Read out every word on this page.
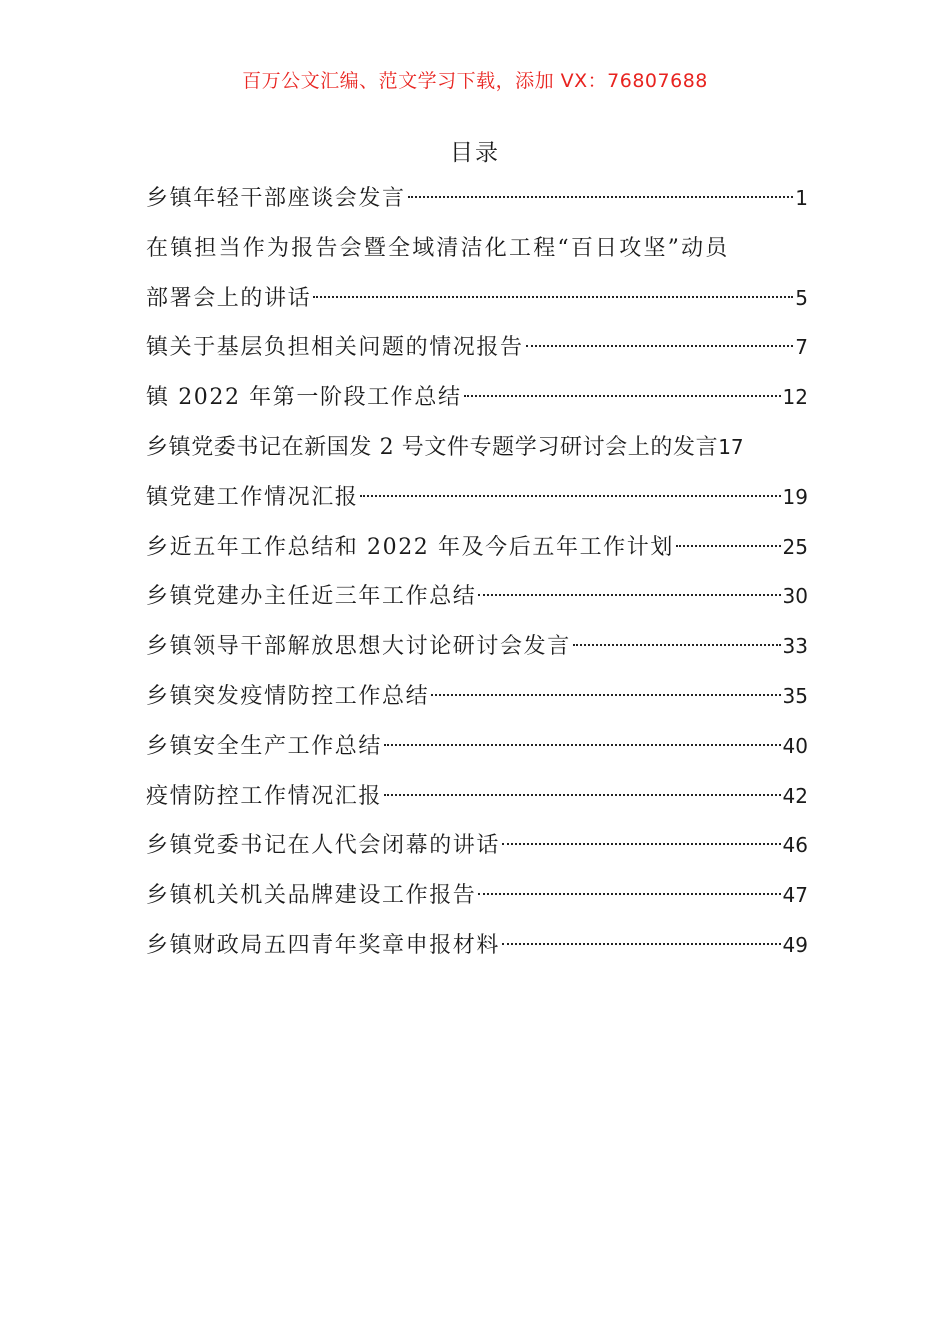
百万公文汇编、范文学习下载，添加 VX：76807688
目录
乡镇年轻干部座谈会发言	1
在镇担当作为报告会暨全域清洁化工程“百日攻坚”动员
部署会上的讲话	5
镇关于基层负担相关问题的情况报告	7
镇 2022 年第一阶段工作总结	12
乡镇党委书记在新国发 2 号文件专题学习研讨会上的发言 17
镇党建工作情况汇报	19
乡近五年工作总结和 2022 年及今后五年工作计划	25
乡镇党建办主任近三年工作总结	30
乡镇领导干部解放思想大讨论研讨会发言	33
乡镇突发疫情防控工作总结	35
乡镇安全生产工作总结	40
疫情防控工作情况汇报	42
乡镇党委书记在人代会闭幕的讲话	46
乡镇机关机关品牌建设工作报告	47
乡镇财政局五四青年奖章申报材料	49
